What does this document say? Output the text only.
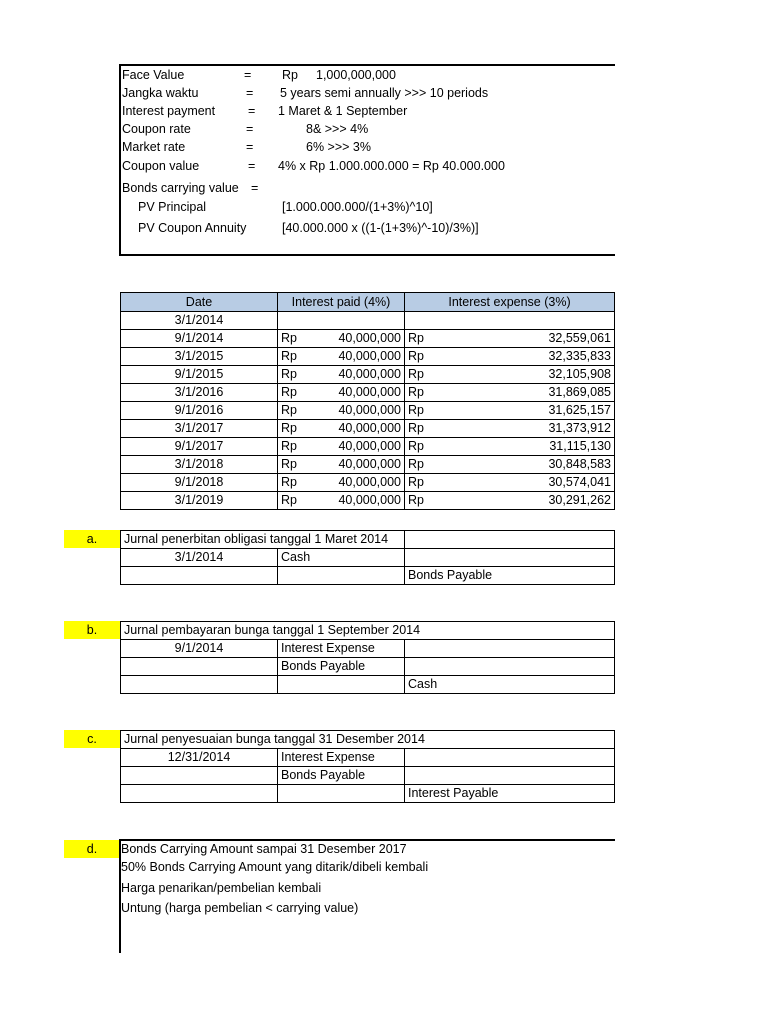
Face Value	= Rp 1,000,000,000
Jangka waktu	= 5 years semi annually >>> 10 periods
Interest payment	= 1 Maret & 1 September
Coupon rate	=	8& >>> 4%
Market rate	=	6% >>> 3%
Coupon value	= 4% x Rp 1.000.000.000 = Rp 40.000.000
Bonds carrying value =
PV Principal	[1.000.000.000/(1+3%)^10]
PV Coupon Annuity	[40.000.000 x ((1-(1+3%)^-10)/3%)]
Date	Interest paid (4%)	Interest expense (3%)
3/1/2014		
9/1/2014	Rp 40,000,000	Rp 32,559,061

3/1/2015	Rp 40,000,000	Rp 32,335,833

9/1/2015	Rp 40,000,000	Rp 32,105,908

3/1/2016	Rp 40,000,000	Rp 31,869,085

9/1/2016	Rp 40,000,000	Rp 31,625,157

3/1/2017	Rp 40,000,000	Rp 31,373,912

9/1/2017	Rp 40,000,000	Rp 31,115,130

3/1/2018	Rp 40,000,000	Rp 30,848,583

9/1/2018	Rp 40,000,000	Rp 30,574,041

3/1/2019	Rp 40,000,000	Rp 30,291,262
a.	Jurnal penerbitan obligasi tanggal 1 Maret 2014		
3/1/2014	Cash	
		Bonds Payable
b.	Jurnal pembayaran bunga tanggal 1 September 2014		
9/1/2014	Interest Expense	
	Bonds Payable	
		Cash
c.	Jurnal penyesuaian bunga tanggal 31 Desember 2014		
12/31/2014	Interest Expense	
	Bonds Payable	
		Interest Payable
d.	Bonds Carrying Amount sampai 31 Desember 2017
50% Bonds Carrying Amount yang ditarik/dibeli kembali
Harga penarikan/pembelian kembali
Untung (harga pembelian < carrying value)
